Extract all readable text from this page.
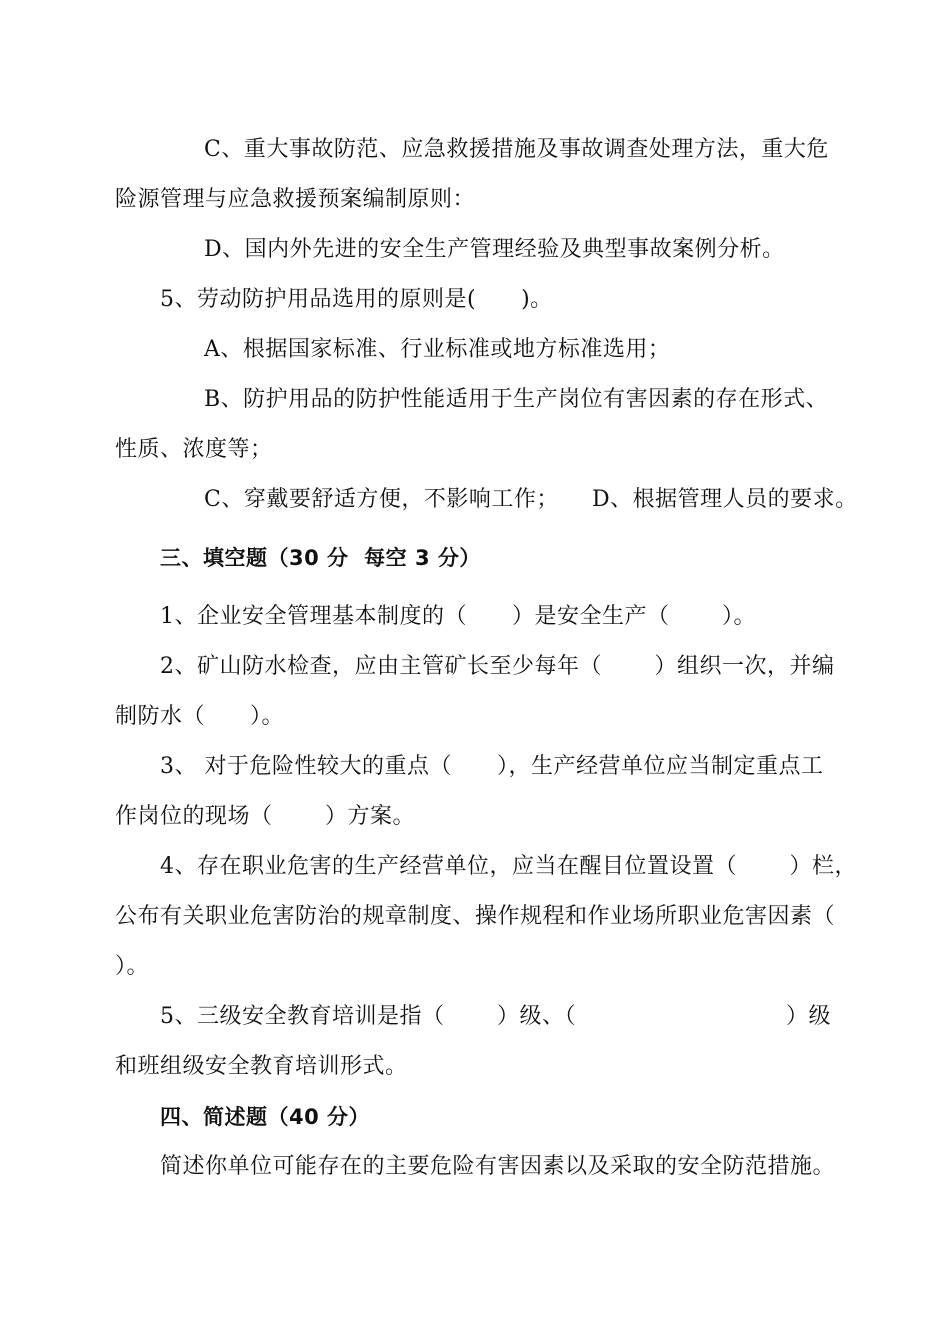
C、重大事故防范、应急救援措施及事故调查处理方法，重大危
险源管理与应急救援预案编制原则：
D、国内外先进的安全生产管理经验及典型事故案例分析。
5、劳动防护用品选用的原则是(　　)。
A、根据国家标准、行业标准或地方标准选用；
B、防护用品的防护性能适用于生产岗位有害因素的存在形式、
性质、浓度等；
C、穿戴要舒适方便，不影响工作； D、根据管理人员的要求。
三、填空题（30 分  每空 3 分）
1、企业安全管理基本制度的（　　）是安全生产（　　 ）。
2、矿山防水检查，应由主管矿长至少每年（　　 ）组织一次，并编
制防水（　　）。
3、 对于危险性较大的重点（　　），生产经营单位应当制定重点工
作岗位的现场（　　 ）方案。
4、存在职业危害的生产经营单位，应当在醒目位置设置（　　 ）栏，
公布有关职业危害防治的规章制度、操作规程和作业场所职业危害因素（
）。
5、三级安全教育培训是指（　　 ）级、（　　　　　　　　　 ）级
和班组级安全教育培训形式。
四、简述题（40 分）
简述你单位可能存在的主要危险有害因素以及采取的安全防范措施。
